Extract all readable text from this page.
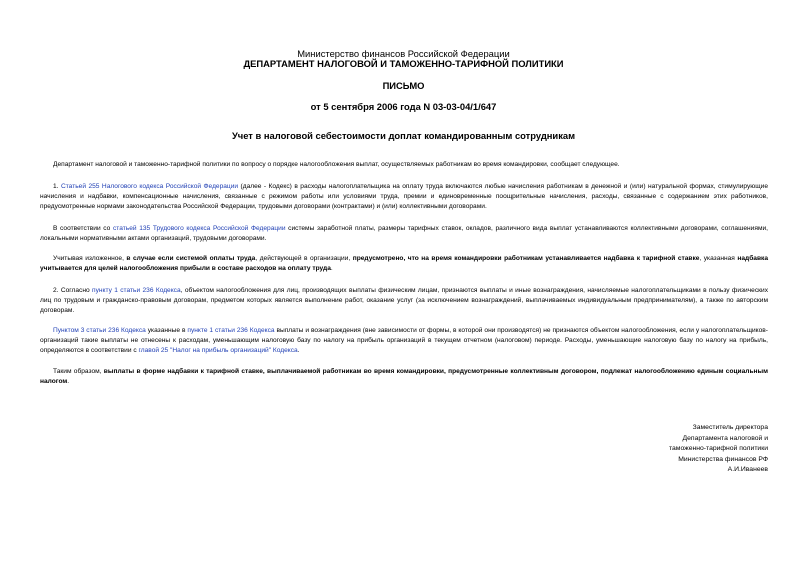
Министерство финансов Российской Федерации
ДЕПАРТАМЕНТ НАЛОГОВОЙ И ТАМОЖЕННО-ТАРИФНОЙ ПОЛИТИКИ
ПИСЬМО
от 5 сентября 2006 года N 03-03-04/1/647
Учет в налоговой себестоимости доплат командированным сотрудникам

Департамент налоговой и таможенно-тарифной политики по вопросу о порядке налогообложения выплат, осуществляемых работникам во время командировки, сообщает следующее.

1. Статьей 255 Налогового кодекса Российской Федерации (далее - Кодекс) в расходы налогоплательщика на оплату труда включаются любые начисления работникам в денежной и (или) натуральной формах, стимулирующие начисления и надбавки, компенсационные начисления, связанные с режимом работы или условиями труда, премии и единовременные поощрительные начисления, расходы, связанные с содержанием этих работников, предусмотренные нормами законодательства Российской Федерации, трудовыми договорами (контрактами) и (или) коллективными договорами.

В соответствии со статьей 135 Трудового кодекса Российской Федерации системы заработной платы, размеры тарифных ставок, окладов, различного вида выплат устанавливаются коллективными договорами, соглашениями, локальными нормативными актами организаций, трудовыми договорами.

Учитывая изложенное, в случае если системой оплаты труда, действующей в организации, предусмотрено, что на время командировки работникам устанавливается надбавка к тарифной ставке, указанная надбавка учитывается для целей налогообложения прибыли в составе расходов на оплату труда.

2. Согласно пункту 1 статьи 236 Кодекса, объектом налогообложения для лиц, производящих выплаты физическим лицам, признаются выплаты и иные вознаграждения, начисляемые налогоплательщиками в пользу физических лиц по трудовым и гражданско-правовым договорам, предметом которых является выполнение работ, оказание услуг (за исключением вознаграждений, выплачиваемых индивидуальным предпринимателям), а также по авторским договорам.

Пунктом 3 статьи 236 Кодекса указанные в пункте 1 статьи 236 Кодекса выплаты и вознаграждения (вне зависимости от формы, в которой они производятся) не признаются объектом налогообложения, если у налогоплательщиков-организаций такие выплаты не отнесены к расходам, уменьшающим налоговую базу по налогу на прибыль организаций в текущем отчетном (налоговом) периоде. Расходы, уменьшающие налоговую базу по налогу на прибыль, определяются в соответствии с главой 25 "Налог на прибыль организаций" Кодекса.

Таким образом, выплаты в форме надбавки к тарифной ставке, выплачиваемой работникам во время командировки, предусмотренные коллективным договором, подлежат налогообложению единым социальным налогом.

Заместитель директора
Департамента налоговой и
таможенно-тарифной политики
Министерства финансов РФ
А.И.Иванеев
